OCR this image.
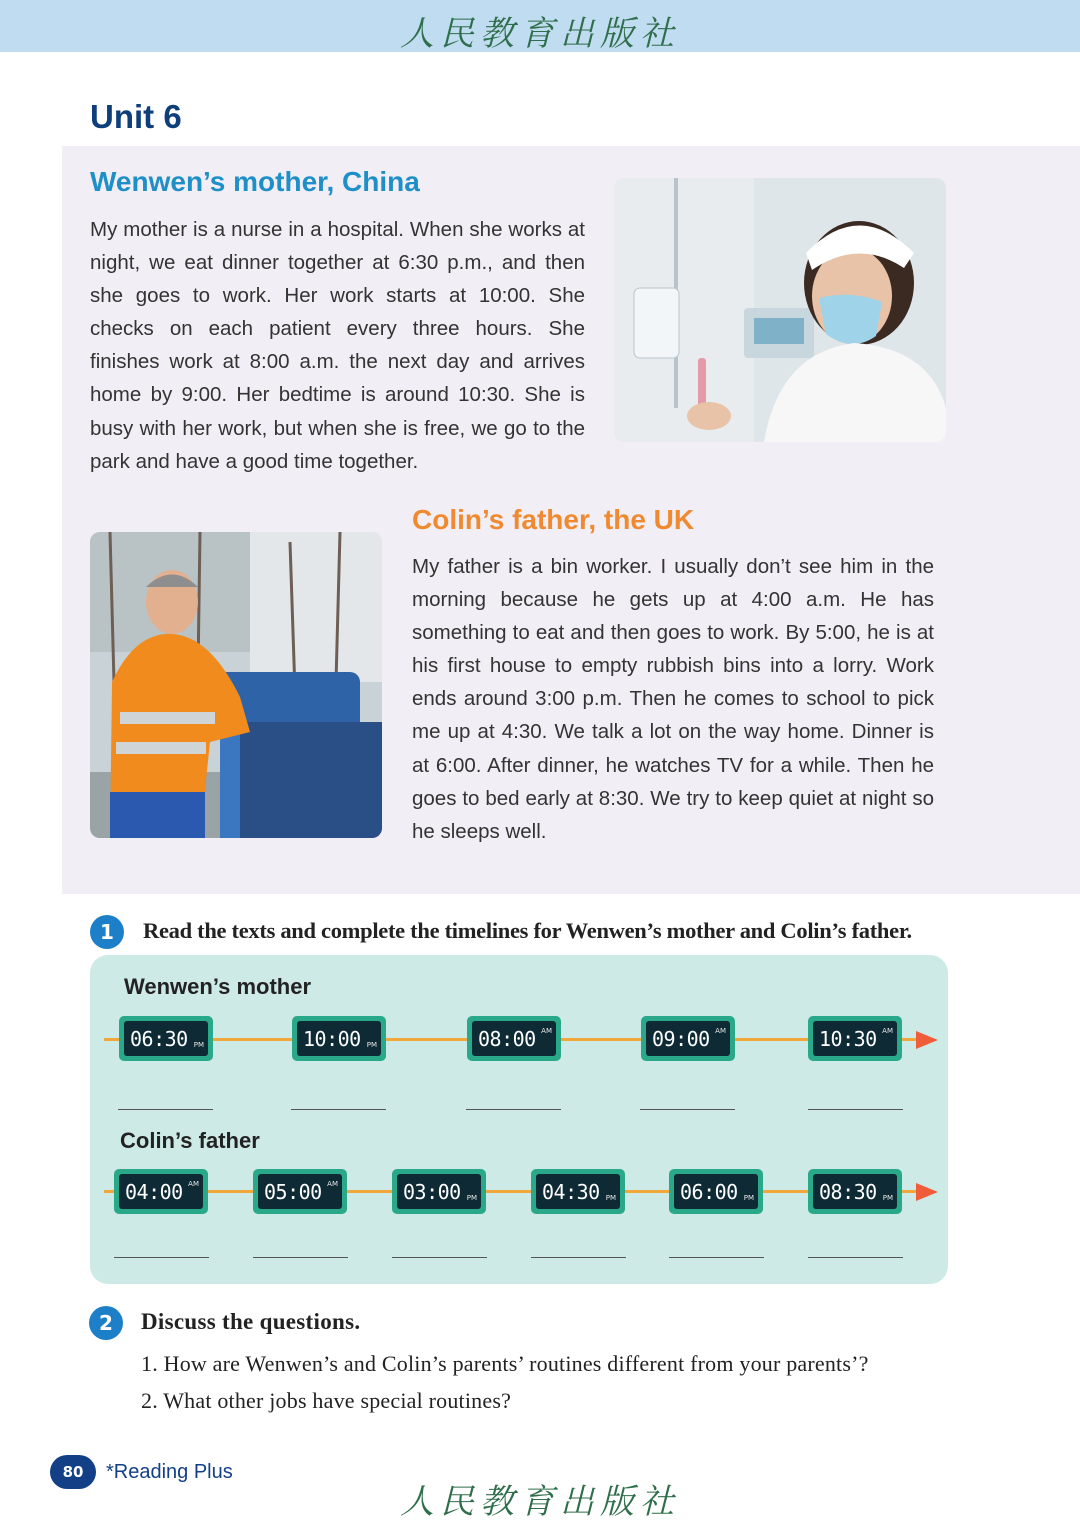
人民教育出版社
Unit 6
Wenwen’s mother, China

My mother is a nurse in a hospital. When she works at night, we eat dinner together at 6:30 p.m., and then she goes to work. Her work starts at 10:00. She checks on each patient every three hours. She finishes work at 8:00 a.m. the next day and arrives home by 9:00. Her bedtime is around 10:30. She is busy with her work, but when she is free, we go to the park and have a good time together.

Colin’s father, the UK

My father is a bin worker. I usually don’t see him in the morning because he gets up at 4:00 a.m. He has something to eat and then goes to work. By 5:00, he is at his first house to empty rubbish bins into a lorry. Work ends around 3:00 p.m. Then he comes to school to pick me up at 4:30. We talk a lot on the way home. Dinner is at 6:00. After dinner, he watches TV for a while. Then he goes to bed early at 8:30. We try to keep quiet at night so he sleeps well.

1	Read the texts and complete the timelines for Wenwen’s mother and Colin’s father.

Wenwen’s mother
06:30 PM	10:00 PM	08:00 AM	09:00 AM	10:30 AM
Colin’s father
04:00 AM	05:00 AM	03:00 PM	04:30 PM	06:00 PM	08:30 PM
2	Discuss the questions.

1. How are Wenwen’s and Colin’s parents’ routines different from your parents’?

2. What other jobs have special routines?

80	*Reading Plus
人民教育出版社
